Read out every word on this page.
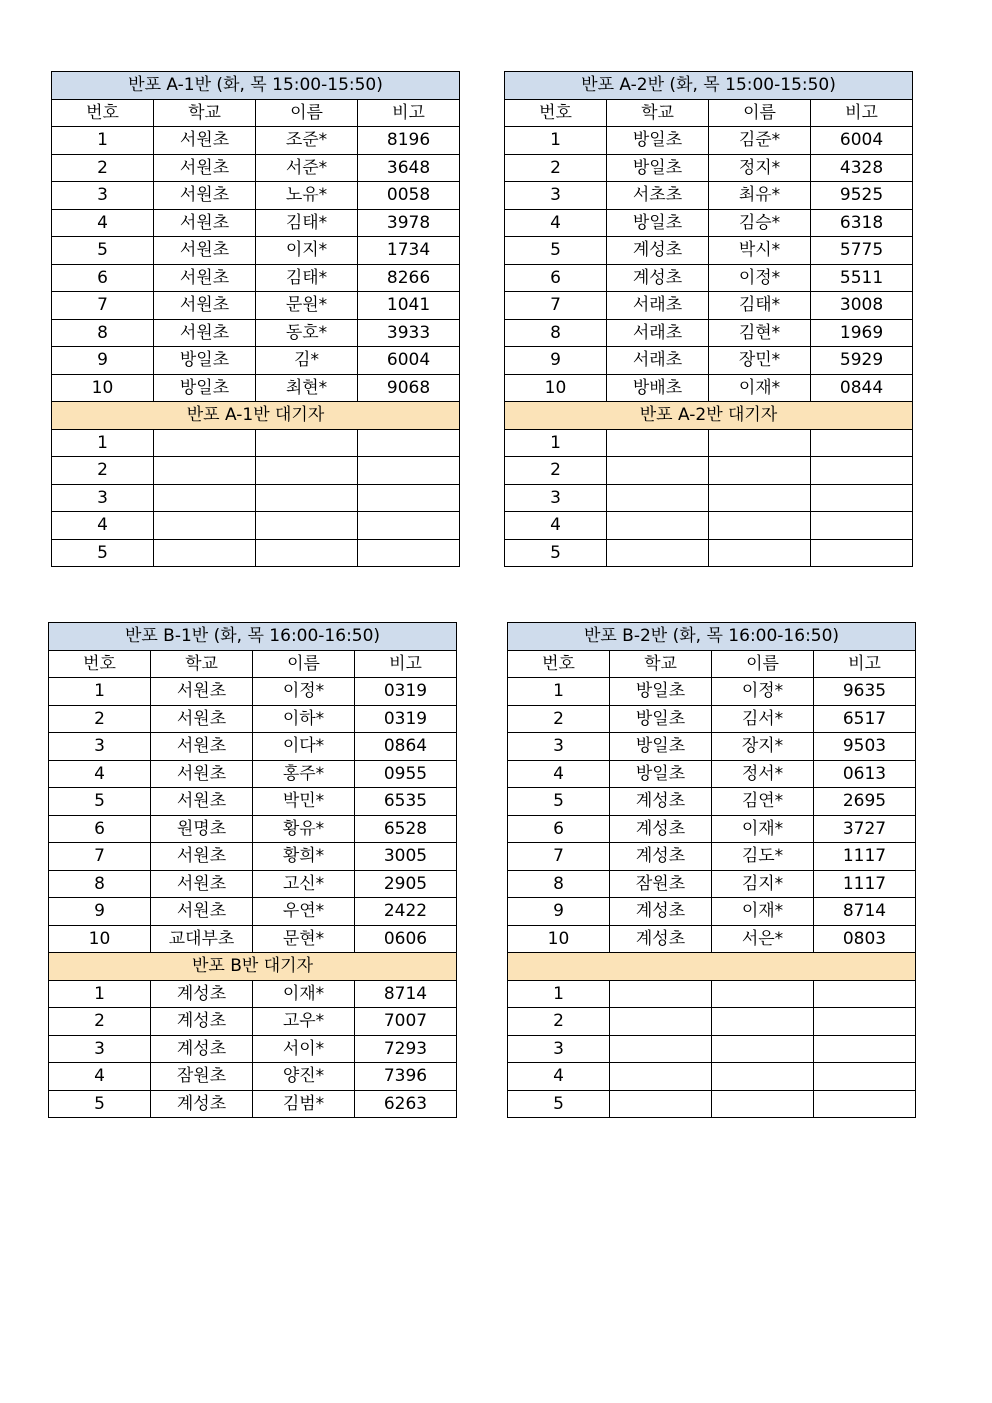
반포 A-1반 (화, 목 15:00-15:50)			
번호	학교	이름	비고
1	서원초	조준*	8196
2	서원초	서준*	3648
3	서원초	노유*	0058
4	서원초	김태*	3978
5	서원초	이지*	1734
6	서원초	김태*	8266
7	서원초	문원*	1041
8	서원초	동호*	3933
9	방일초	김*	6004
10	방일초	최현*	9068
반포 A-1반 대기자			
1			
2			
3			
4			
5			
반포 A-2반 (화, 목 15:00-15:50)			
번호	학교	이름	비고
1	방일초	김준*	6004
2	방일초	정지*	4328
3	서초초	최유*	9525
4	방일초	김승*	6318
5	계성초	박시*	5775
6	계성초	이정*	5511
7	서래초	김태*	3008
8	서래초	김현*	1969
9	서래초	장민*	5929
10	방배초	이재*	0844
반포 A-2반 대기자			
1			
2			
3			
4			
5			
반포 B-1반 (화, 목 16:00-16:50)			
번호	학교	이름	비고
1	서원초	이정*	0319
2	서원초	이하*	0319
3	서원초	이다*	0864
4	서원초	홍주*	0955
5	서원초	박민*	6535
6	원명초	황유*	6528
7	서원초	황희*	3005
8	서원초	고신*	2905
9	서원초	우연*	2422
10	교대부초	문현*	0606
반포 B반 대기자			
1	계성초	이재*	8714
2	계성초	고우*	7007
3	계성초	서이*	7293
4	잠원초	양진*	7396
5	계성초	김범*	6263
반포 B-2반 (화, 목 16:00-16:50)			
번호	학교	이름	비고
1	방일초	이정*	9635
2	방일초	김서*	6517
3	방일초	장지*	9503
4	방일초	정서*	0613
5	계성초	김연*	2695
6	계성초	이재*	3727
7	계성초	김도*	1117
8	잠원초	김지*	1117
9	계성초	이재*	8714
10	계성초	서은*	0803

1			
2			
3			
4			
5			
